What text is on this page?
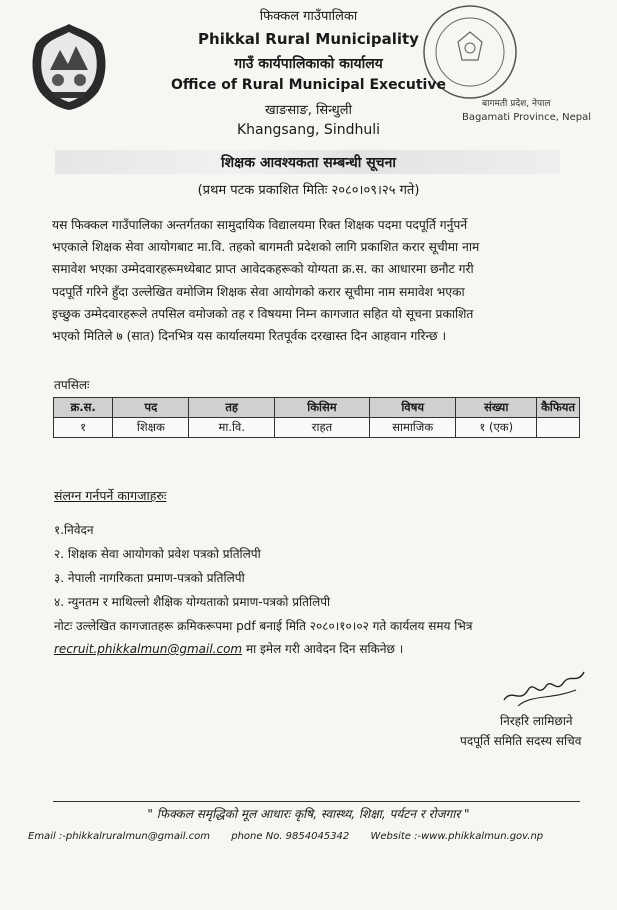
बागमती प्रदेश, नेपाल
Bagamati Province, Nepal
फिक्कल गाउँपालिका
Phikkal Rural Municipality
गाउँ कार्यपालिकाको कार्यालय
Office of Rural Municipal Executive
खाङसाङ, सिन्धुली
Khangsang, Sindhuli
शिक्षक आवश्यकता सम्बन्धी सूचना
(प्रथम पटक प्रकाशित मितिः २०८०।०९।२५ गते)
यस फिक्कल गाउँपालिका अन्तर्गतका सामुदायिक विद्यालयमा रिक्त शिक्षक पदमा पदपूर्ति गर्नुपर्ने
भएकाले शिक्षक सेवा आयोगबाट मा.वि. तहको बागमती प्रदेशको लागि प्रकाशित करार सूचीमा नाम
समावेश भएका उम्मेदवारहरूमध्येबाट प्राप्त आवेदकहरूको योग्यता क्र.स. का आधारमा छनौट गरी
पदपूर्ति गरिने हुँदा उल्लेखित वमोजिम शिक्षक सेवा आयोगको करार सूचीमा नाम समावेश भएका
इच्छुक उम्मेदवारहरूले तपसिल वमोजको तह र विषयमा निम्न कागजात सहित यो सूचना प्रकाशित
भएको मितिले ७ (सात) दिनभित्र यस कार्यालयमा रितपूर्वक दरखास्त दिन आहवान गरिन्छ ।
तपसिलः
क्र.स.	पद	तह	किसिम	विषय	संख्या	कैफियत
१	शिक्षक	मा.वि.	राहत	सामाजिक	१ (एक)	
संलग्न गर्नपर्ने कागजाहरुः
१.निवेदन
२. शिक्षक सेवा आयोगको प्रवेश पत्रको प्रतिलिपी
३. नेपाली नागरिकता प्रमाण-पत्रको प्रतिलिपी
४. न्युनतम र माथिल्लो शैक्षिक योग्यताको प्रमाण-पत्रको प्रतिलिपी
नोटः उल्लेखित कागजातहरू क्रमिकरूपमा pdf बनाई मिति २०८०।१०।०२ गते कार्यलय समय भित्र
recruit.phikkalmun@gmail.com मा इमेल गरी आवेदन दिन सकिनेछ ।
निरहरि लामिछाने
पदपूर्ति समिति सदस्य सचिव
" फिक्कल समृद्धिको मूल आधारः कृषि, स्वास्थ्य, शिक्षा, पर्यटन र रोजगार "
Email :-phikkalruralmun@gmail.com phone No. 9854045342 Website :-www.phikkalmun.gov.np
